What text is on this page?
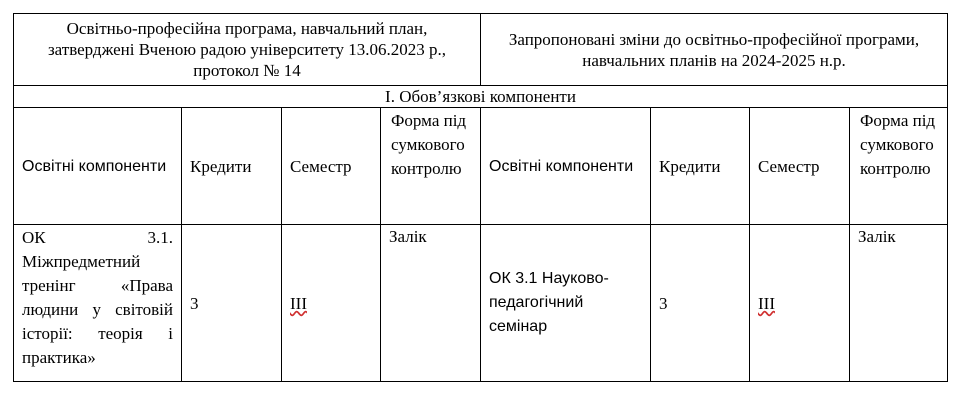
Освітньо-професійна програма, навчальний план, затверджені Вченою радою університету 13.06.2023 р., протокол № 14				Запропоновані зміни до освітньо-професійної програми, навчальних планів на 2024-2025 н.р.			
І. Обов’язкові компоненти							
Освітні компоненти	Кредити	Семестр	Форма підсумкового контролю	Освітні компоненти	Кредити	Семестр	Форма підсумкового контролю

ОК 3.1. Міжпредметний тренінг «Права людини у світовій історії: теорія і практика»	3	ІІІ	Залік	ОК 3.1 Науково-педагогічний семінар	3	ІІІ	Залік
